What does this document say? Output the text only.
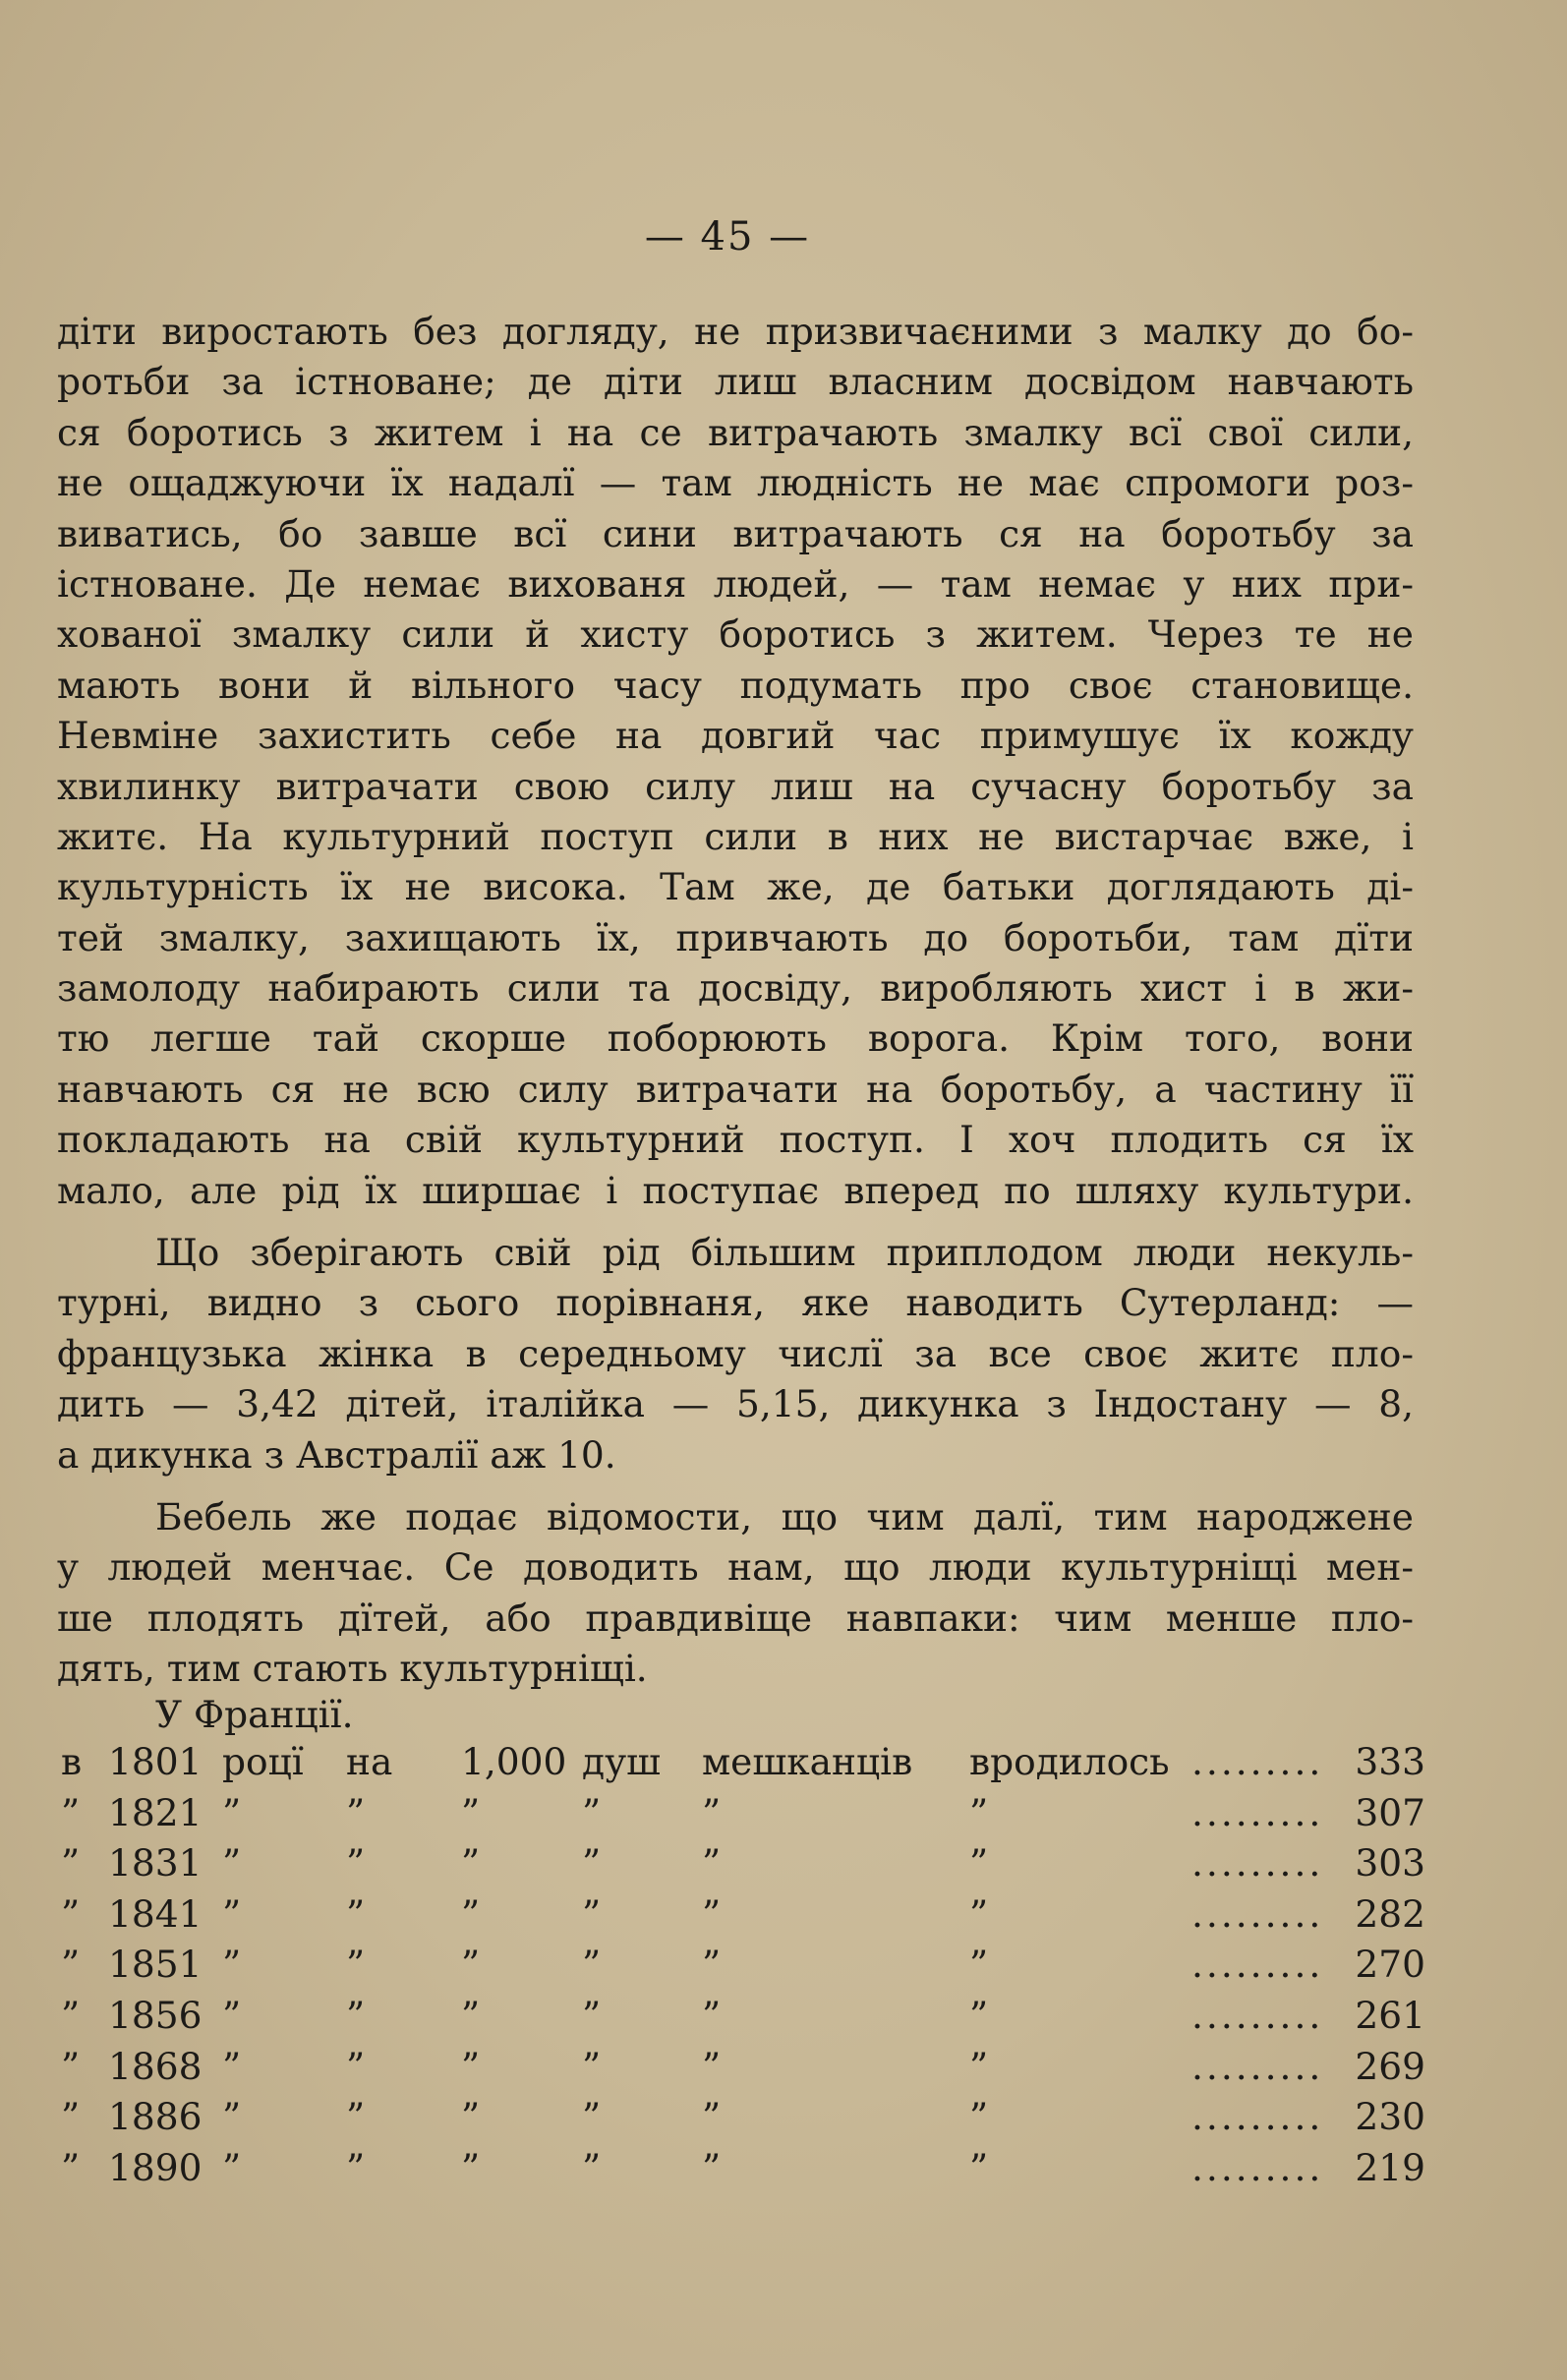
— 45 —
діти виростають без догляду, не призвичаєними з малку до бо-
ротьби за істноване; де діти лиш власним досвідом навчають
ся боротись з житем і на се витрачають змалку всї свої сили,
не ощаджуючи їх надалї — там людність не має спромоги роз-
виватись, бо завше всї сини витрачають ся на боротьбу за
істноване. Де немає вихованя людей, — там немає у них при-
хованої змалку сили й хисту боротись з житем. Через те не
мають вони й вільного часу подумать про своє становище.
Невміне захистить себе на довгий час примушує їх кожду
хвилинку витрачати свою силу лиш на сучасну боротьбу за
житє. На культурний поступ сили в них не вистарчає вже, і
культурність їх не висока. Там же, де батьки доглядають ді-
тей змалку, захищають їх, привчають до боротьби, там дїти
замолоду набирають сили та досвіду, виробляють хист і в жи-
тю легше тай скорше поборюють ворога. Крім того, вони
навчають ся не всю силу витрачати на боротьбу, а частину її
покладають на свій культурний поступ. І хоч плодить ся їх
мало, але рід їх ширшає і поступає вперед по шляху культури.
Що зберігають свій рід більшим приплодом люди некуль-
турні, видно з сього порівнаня, яке наводить Сутерланд: —
французька жінка в середньому числї за все своє житє пло-
дить — 3,42 дітей, італійка — 5,15, дикунка з Індостану — 8,
а дикунка з Австралії аж 10.
Бебель же подає відомости, що чим далї, тим народжене
у людей менчає. Се доводить нам, що люди культурніщі мен-
ше плодять дїтей, або правдивіще навпаки: чим менше пло-
дять, тим стають культурніщі.
У Франції.
в 1801 роцї на 1,000 душ мешканців вродилось ......... 333
” 1821 ”	”	”	”	”	”	......... 307
” 1831 ”	”	”	”	”	”	......... 303
” 1841 ”	”	”	”	”	”	......... 282
” 1851 ”	”	”	”	”	”	......... 270
” 1856 ”	”	”	”	”	”	......... 261
” 1868 ”	”	”	”	”	”	......... 269
” 1886 ”	”	”	”	”	”	......... 230
” 1890 ”	”	”	”	”	”	......... 219
